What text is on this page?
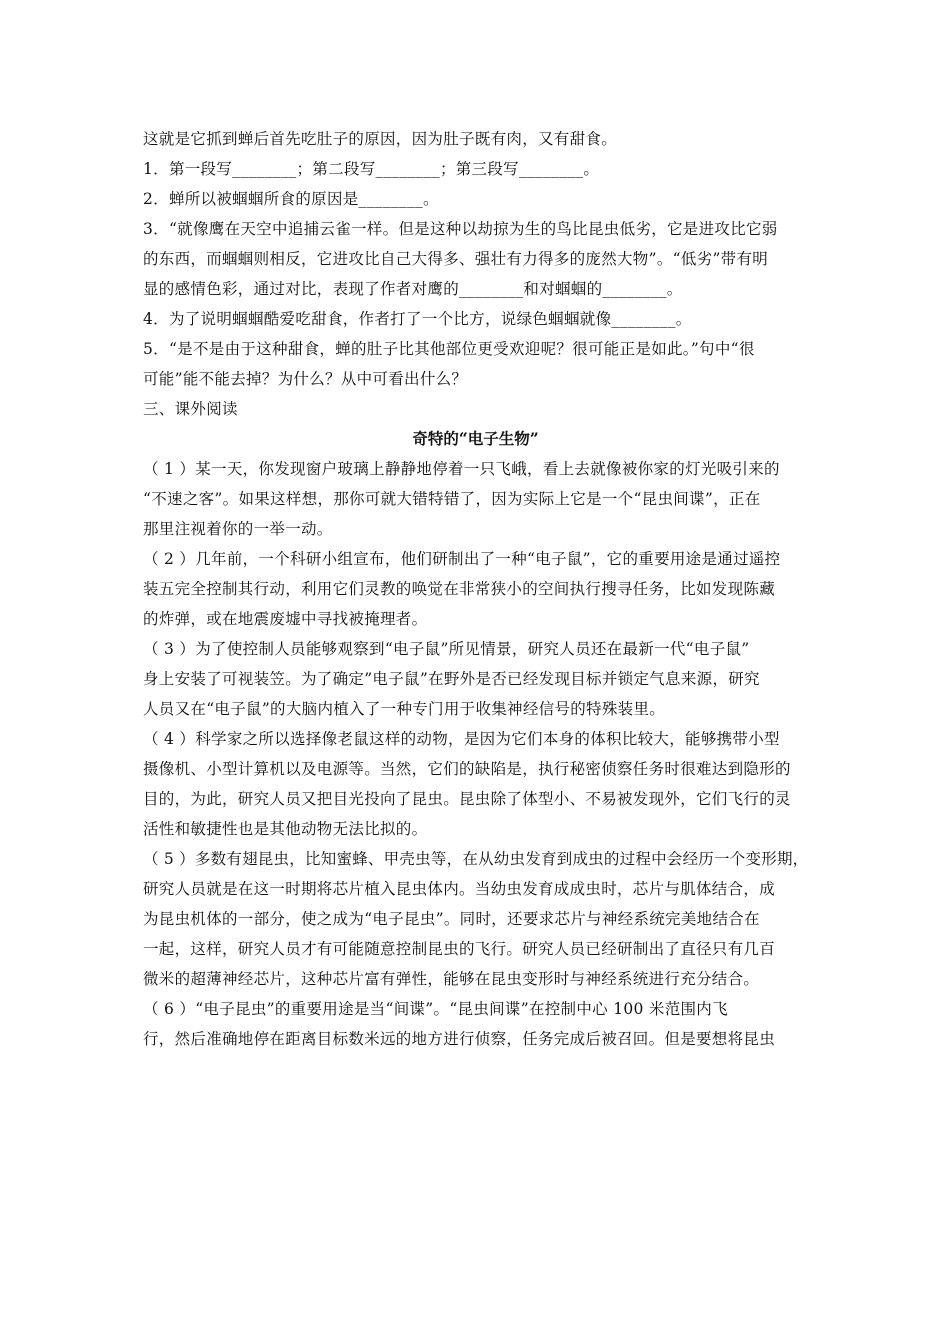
这就是它抓到蝉后首先吃肚子的原因，因为肚子既有肉，又有甜食。
1．第一段写________；第二段写________；第三段写________。
2．蝉所以被蝈蝈所食的原因是________。
3．“就像鹰在天空中追捕云雀一样。但是这种以劫掠为生的鸟比昆虫低劣，它是进攻比它弱
的东西，而蝈蝈则相反，它进攻比自己大得多、强壮有力得多的庞然大物”。“低劣”带有明
显的感情色彩，通过对比，表现了作者对鹰的________和对蝈蝈的________。
4．为了说明蝈蝈酷爱吃甜食，作者打了一个比方，说绿色蝈蝈就像________。
5．“是不是由于这种甜食，蝉的肚子比其他部位更受欢迎呢？很可能正是如此。”句中“很
可能”能不能去掉？为什么？从中可看出什么？
三、课外阅读
奇特的“电子生物”
（ 1 ）某一天，你发现窗户玻璃上静静地停着一只飞峨，看上去就像被你家的灯光吸引来的
“不速之客”。如果这样想，那你可就大错特错了，因为实际上它是一个“昆虫间谍”，正在
那里注视着你的一举一动。
（ 2 ）几年前，一个科研小组宣布，他们研制出了一种“电子鼠”，它的重要用途是通过遥控
装五完全控制其行动，利用它们灵教的唤觉在非常狭小的空间执行搜寻任务，比如发现陈藏
的炸弹，或在地震废墟中寻找被掩理者。
（ 3 ）为了使控制人员能够观察到“电子鼠”所见情景，研究人员还在最新一代“电子鼠”
身上安装了可视装笠。为了确定”电子鼠”在野外是否已经发现目标并锁定气息来源，研究
人员又在“电子鼠”的大脑内植入了一种专门用于收集神经信号的特殊装里。
（ 4 ）科学家之所以选择像老鼠这样的动物，是因为它们本身的体积比较大，能够携带小型
摄像机、小型计算机以及电源等。当然，它们的缺陷是，执行秘密侦察任务时很难达到隐形的
目的，为此，研究人员又把目光投向了昆虫。昆虫除了体型小、不易被发现外，它们飞行的灵
活性和敏捷性也是其他动物无法比拟的。
（ 5 ）多数有翅昆虫，比知蜜蜂、甲壳虫等，在从幼虫发育到成虫的过程中会经历一个变形期，
研究人员就是在这一时期将芯片植入昆虫体内。当幼虫发育成成虫时，芯片与肌体结合，成
为昆虫机体的一部分，使之成为“电子昆虫”。同时，还要求芯片与神经系统完美地结合在
一起，这样，研究人员才有可能随意控制昆虫的飞行。研究人员已经研制出了直径只有几百
微米的超薄神经芯片，这种芯片富有弹性，能够在昆虫变形时与神经系统进行充分结合。
（ 6 ）“电子昆虫”的重要用途是当“间谍”。“昆虫间谍”在控制中心 100 米范围内飞
行，然后准确地停在距离目标数米远的地方进行侦察，任务完成后被召回。但是要想将昆虫
